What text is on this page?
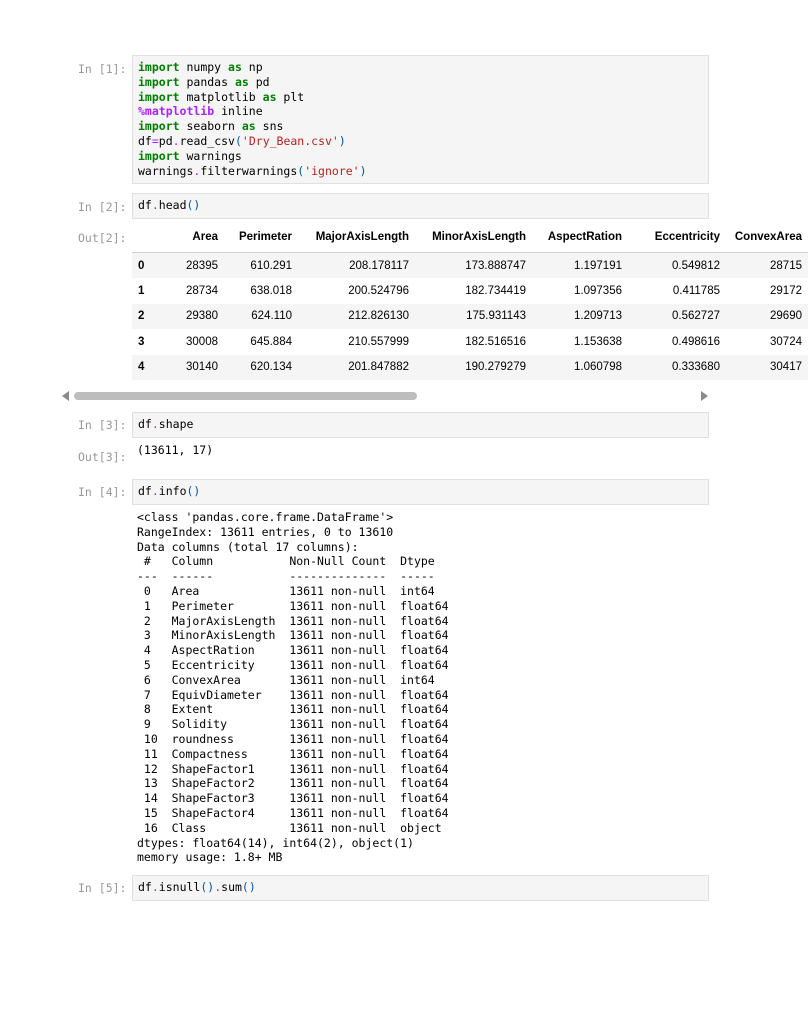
In [1]: import numpy as np
import pandas as pd
import matplotlib as plt
%matplotlib inline
import seaborn as sns
df=pd.read_csv('Dry_Bean.csv')
import warnings
warnings.filterwarnings('ignore')
In [2]: df.head()
Out[2]:
		Area	Perimeter	MajorAxisLength	MinorAxisLength	AspectRation	Eccentricity	ConvexArea
0	28395	610.291	208.178117	173.888747	1.197191	0.549812	28715
1	28734	638.018	200.524796	182.734419	1.097356	0.411785	29172
2	29380	624.110	212.826130	175.931143	1.209713	0.562727	29690
3	30008	645.884	210.557999	182.516516	1.153638	0.498616	30724
4	30140	620.134	201.847882	190.279279	1.060798	0.333680	30417
In [3]: df.shape
Out[3]: (13611, 17)
In [4]: df.info()
<class 'pandas.core.frame.DataFrame'>
RangeIndex: 13611 entries, 0 to 13610
Data columns (total 17 columns):
#   Column           Non-Null Count  Dtype
---  ------           --------------  -----
0   Area             13611 non-null  int64
1   Perimeter        13611 non-null  float64
2   MajorAxisLength  13611 non-null  float64
3   MinorAxisLength  13611 non-null  float64
4   AspectRation     13611 non-null  float64
5   Eccentricity     13611 non-null  float64
6   ConvexArea       13611 non-null  int64
7   EquivDiameter    13611 non-null  float64
8   Extent           13611 non-null  float64
9   Solidity         13611 non-null  float64
10  roundness        13611 non-null  float64
11  Compactness      13611 non-null  float64
12  ShapeFactor1     13611 non-null  float64
13  ShapeFactor2     13611 non-null  float64
14  ShapeFactor3     13611 non-null  float64
15  ShapeFactor4     13611 non-null  float64
16  Class            13611 non-null  object
dtypes: float64(14), int64(2), object(1)
memory usage: 1.8+ MB
In [5]: df.isnull().sum()
